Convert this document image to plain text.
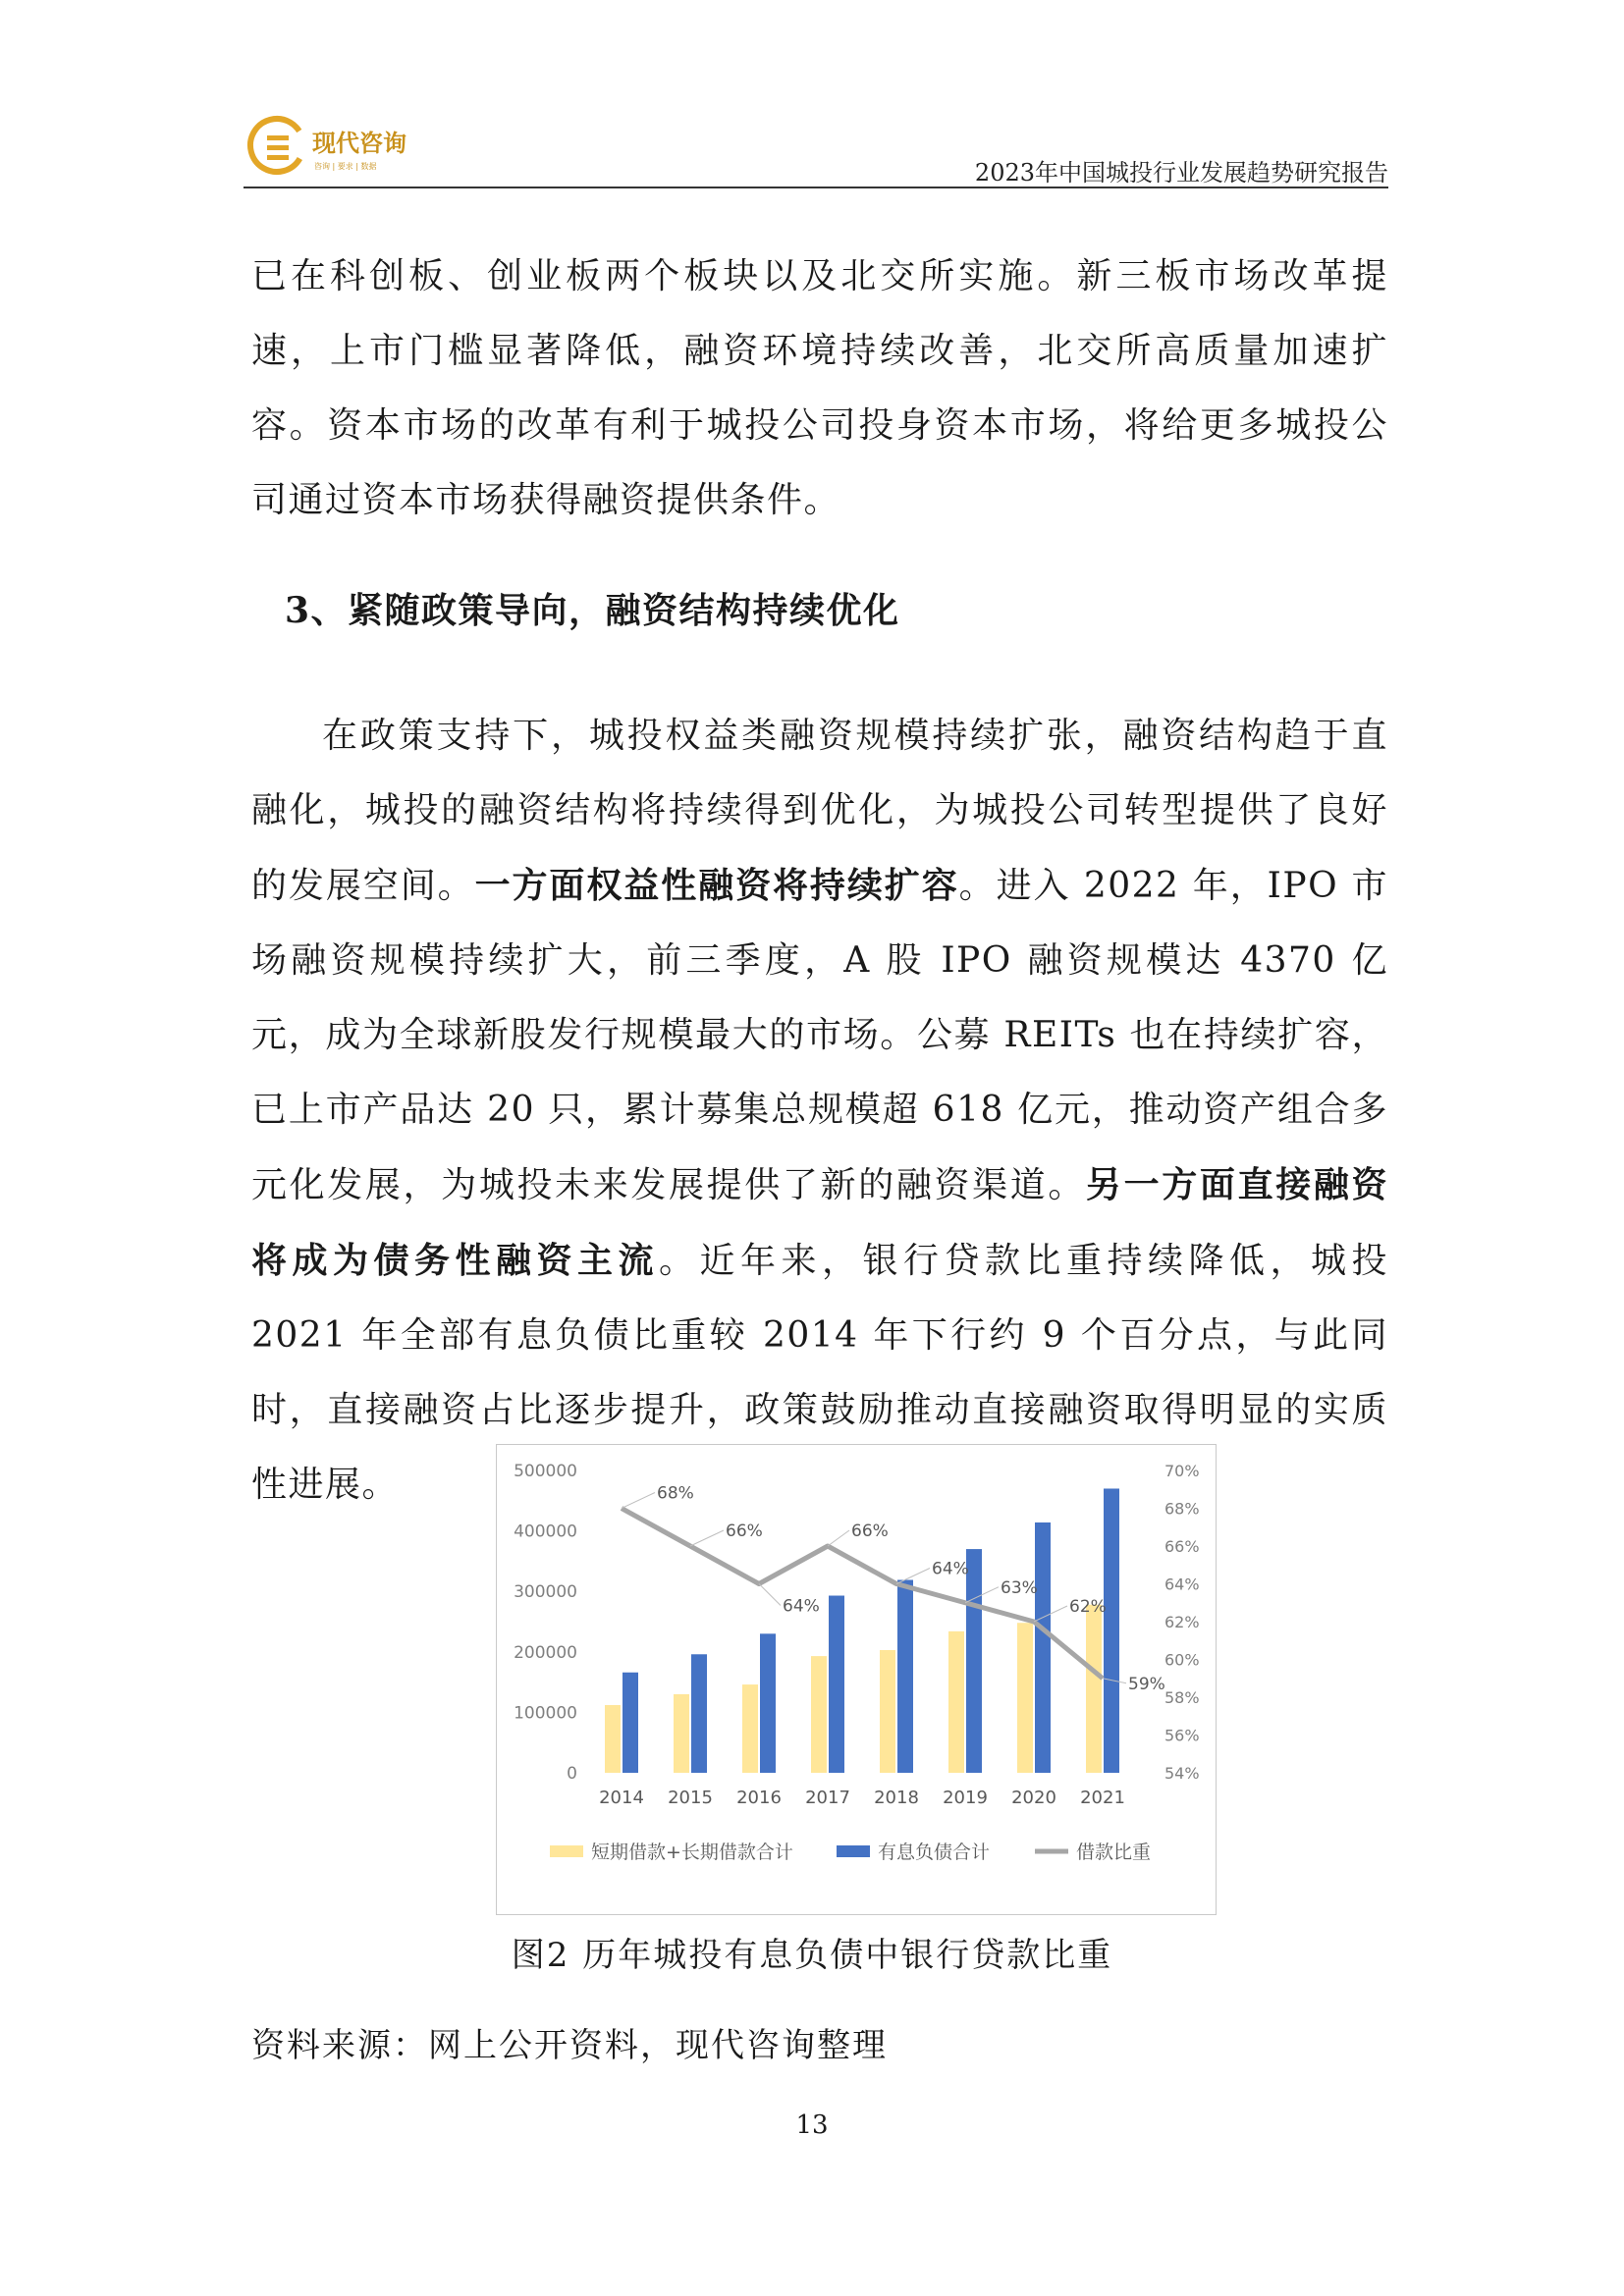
现代咨询
咨询 | 要求 | 数据	2023年中国城投行业发展趋势研究报告
已在科创板、创业板两个板块以及北交所实施。新三板市场改革提速，上市门槛显著降低，融资环境持续改善，北交所高质量加速扩容。资本市场的改革有利于城投公司投身资本市场，将给更多城投公司通过资本市场获得融资提供条件。
3、紧随政策导向，融资结构持续优化
在政策支持下，城投权益类融资规模持续扩张，融资结构趋于直融化，城投的融资结构将持续得到优化，为城投公司转型提供了良好的发展空间。一方面权益性融资将持续扩容。进入 2022 年，IPO 市场融资规模持续扩大，前三季度，A 股 IPO 融资规模达 4370 亿元，成为全球新股发行规模最大的市场。公募 REITs 也在持续扩容，已上市产品达 20 只，累计募集总规模超 618 亿元，推动资产组合多元化发展，为城投未来发展提供了新的融资渠道。另一方面直接融资将成为债务性融资主流。近年来，银行贷款比重持续降低，城投 2021 年全部有息负债比重较 2014 年下行约 9 个百分点，与此同时，直接融资占比逐步提升，政策鼓励推动直接融资取得明显的实质性进展。
0
100000
200000
300000
400000
500000
54%
56%
58%
60%
62%
64%
66%
68%
70%
2014 2015 2016 2017 2018 2019 2020 2021
68%
66%
64%
66%
64%
63%
62%
59%
短期借款+长期借款合计	有息负债合计	借款比重
图2 历年城投有息负债中银行贷款比重
资料来源：网上公开资料，现代咨询整理
13
